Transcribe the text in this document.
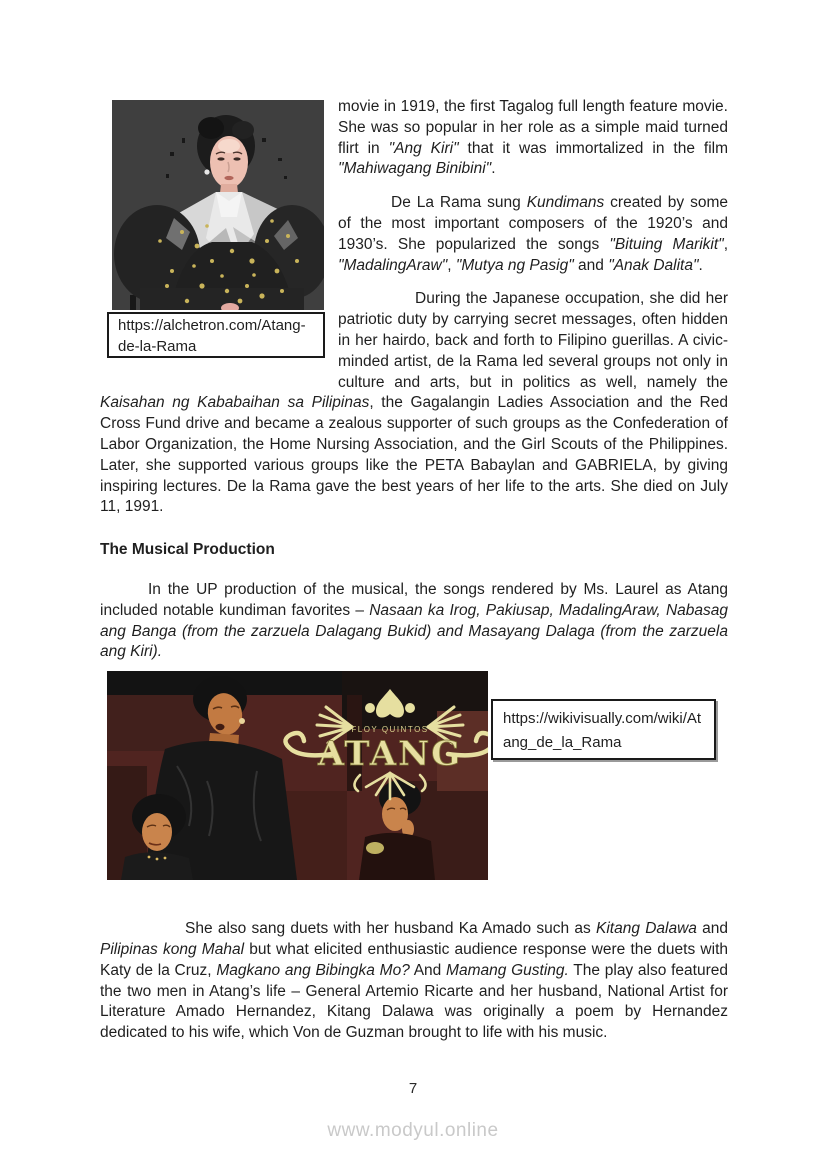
https://alchetron.com/Atang-
de-la-Rama

movie in 1919, the first Tagalog full length feature movie. She was so popular in her role as a simple maid turned flirt in "Ang Kiri" that it was immortalized in the film "Mahiwagang Binibini".

De La Rama sung Kundimans created by some of the most important composers of the 1920’s and 1930’s. She popularized the songs "Bituing Marikit", "MadalingAraw", "Mutya ng Pasig" and "Anak Dalita".

During the Japanese occupation, she did her patriotic duty by carrying secret messages, often hidden in her hairdo, back and forth to Filipino guerillas. A civic-minded artist, de la Rama led several groups not only in culture and arts, but in politics as well, namely the Kaisahan ng Kababaihan sa Pilipinas, the Gagalangin Ladies Association and the Red Cross Fund drive and became a zealous supporter of such groups as the Confederation of Labor Organization, the Home Nursing Association, and the Girl Scouts of the Philippines. Later, she supported various groups like the PETA Babaylan and GABRIELA, by giving inspiring lectures. De la Rama gave the best years of her life to the arts. She died on July 11, 1991.

The Musical Production

In the UP production of the musical, the songs rendered by Ms. Laurel as Atang included notable kundiman favorites – Nasaan ka Irog, Pakiusap, MadalingAraw, Nabasag ang Banga (from the zarzuela Dalagang Bukid) and Masayang Dalaga (from the zarzuela ang Kiri).

FLOY QUINTOS
ATANG
https://wikivisually.com/wiki/At
ang_de_la_Rama

She also sang duets with her husband Ka Amado such as Kitang Dalawa and Pilipinas kong Mahal but what elicited enthusiastic audience response were the duets with Katy de la Cruz, Magkano ang Bibingka Mo? And Mamang Gusting. The play also featured the two men in Atang’s life – General Artemio Ricarte and her husband, National Artist for Literature Amado Hernandez, Kitang Dalawa was originally a poem by Hernandez dedicated to his wife, which Von de Guzman brought to life with his music.

7
www.modyul.online
